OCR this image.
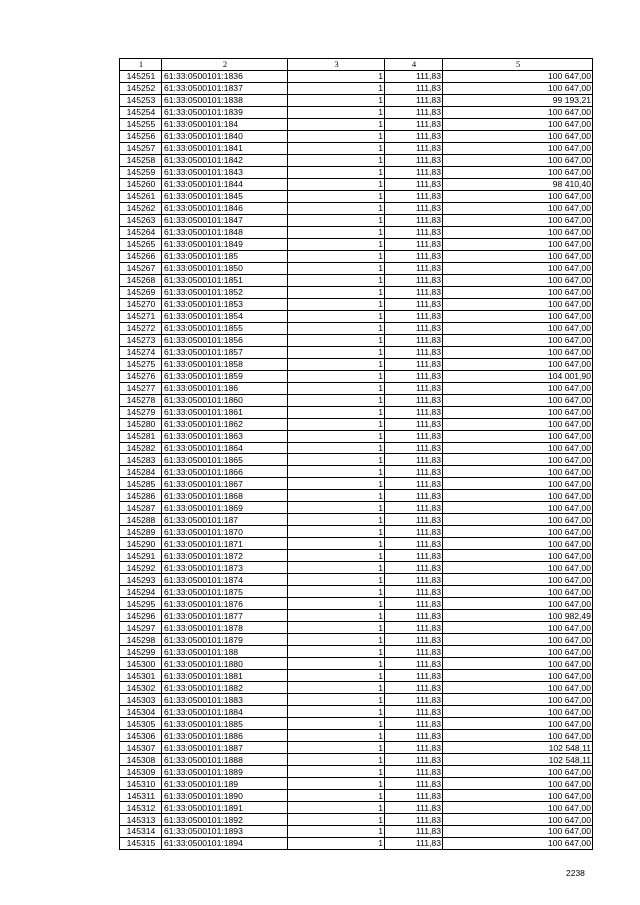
1	2	3	4	5
145251	61:33:0500101:1836	1	111,83	100 647,00
145252	61:33:0500101:1837	1	111,83	100 647,00
145253	61:33:0500101:1838	1	111,83	99 193,21
145254	61:33:0500101:1839	1	111,83	100 647,00
145255	61:33:0500101:184	1	111,83	100 647,00
145256	61:33:0500101:1840	1	111,83	100 647,00
145257	61:33:0500101:1841	1	111,83	100 647,00
145258	61:33:0500101:1842	1	111,83	100 647,00
145259	61:33:0500101:1843	1	111,83	100 647,00
145260	61:33:0500101:1844	1	111,83	98 410,40
145261	61:33:0500101:1845	1	111,83	100 647,00
145262	61:33:0500101:1846	1	111,83	100 647,00
145263	61:33:0500101:1847	1	111,83	100 647,00
145264	61:33:0500101:1848	1	111,83	100 647,00
145265	61:33:0500101:1849	1	111,83	100 647,00
145266	61:33:0500101:185	1	111,83	100 647,00
145267	61:33:0500101:1850	1	111,83	100 647,00
145268	61:33:0500101:1851	1	111,83	100 647,00
145269	61:33:0500101:1852	1	111,83	100 647,00
145270	61:33:0500101:1853	1	111,83	100 647,00
145271	61:33:0500101:1854	1	111,83	100 647,00
145272	61:33:0500101:1855	1	111,83	100 647,00
145273	61:33:0500101:1856	1	111,83	100 647,00
145274	61:33:0500101:1857	1	111,83	100 647,00
145275	61:33:0500101:1858	1	111,83	100 647,00
145276	61:33:0500101:1859	1	111,83	104 001,90
145277	61:33:0500101:186	1	111,83	100 647,00
145278	61:33:0500101:1860	1	111,83	100 647,00
145279	61:33:0500101:1861	1	111,83	100 647,00
145280	61:33:0500101:1862	1	111,83	100 647,00
145281	61:33:0500101:1863	1	111,83	100 647,00
145282	61:33:0500101:1864	1	111,83	100 647,00
145283	61:33:0500101:1865	1	111,83	100 647,00
145284	61:33:0500101:1866	1	111,83	100 647,00
145285	61:33:0500101:1867	1	111,83	100 647,00
145286	61:33:0500101:1868	1	111,83	100 647,00
145287	61:33:0500101:1869	1	111,83	100 647,00
145288	61:33:0500101:187	1	111,83	100 647,00
145289	61:33:0500101:1870	1	111,83	100 647,00
145290	61:33:0500101:1871	1	111,83	100 647,00
145291	61:33:0500101:1872	1	111,83	100 647,00
145292	61:33:0500101:1873	1	111,83	100 647,00
145293	61:33:0500101:1874	1	111,83	100 647,00
145294	61:33:0500101:1875	1	111,83	100 647,00
145295	61:33:0500101:1876	1	111,83	100 647,00
145296	61:33:0500101:1877	1	111,83	100 982,49
145297	61:33:0500101:1878	1	111,83	100 647,00
145298	61:33:0500101:1879	1	111,83	100 647,00
145299	61:33:0500101:188	1	111,83	100 647,00
145300	61:33:0500101:1880	1	111,83	100 647,00
145301	61:33:0500101:1881	1	111,83	100 647,00
145302	61:33:0500101:1882	1	111,83	100 647,00
145303	61:33:0500101:1883	1	111,83	100 647,00
145304	61:33:0500101:1884	1	111,83	100 647,00
145305	61:33:0500101:1885	1	111,83	100 647,00
145306	61:33:0500101:1886	1	111,83	100 647,00
145307	61:33:0500101:1887	1	111,83	102 548,11
145308	61:33:0500101:1888	1	111,83	102 548,11
145309	61:33:0500101:1889	1	111,83	100 647,00
145310	61:33:0500101:189	1	111,83	100 647,00
145311	61:33:0500101:1890	1	111,83	100 647,00
145312	61:33:0500101:1891	1	111,83	100 647,00
145313	61:33:0500101:1892	1	111,83	100 647,00
145314	61:33:0500101:1893	1	111,83	100 647,00
145315	61:33:0500101:1894	1	111,83	100 647,00
2238
